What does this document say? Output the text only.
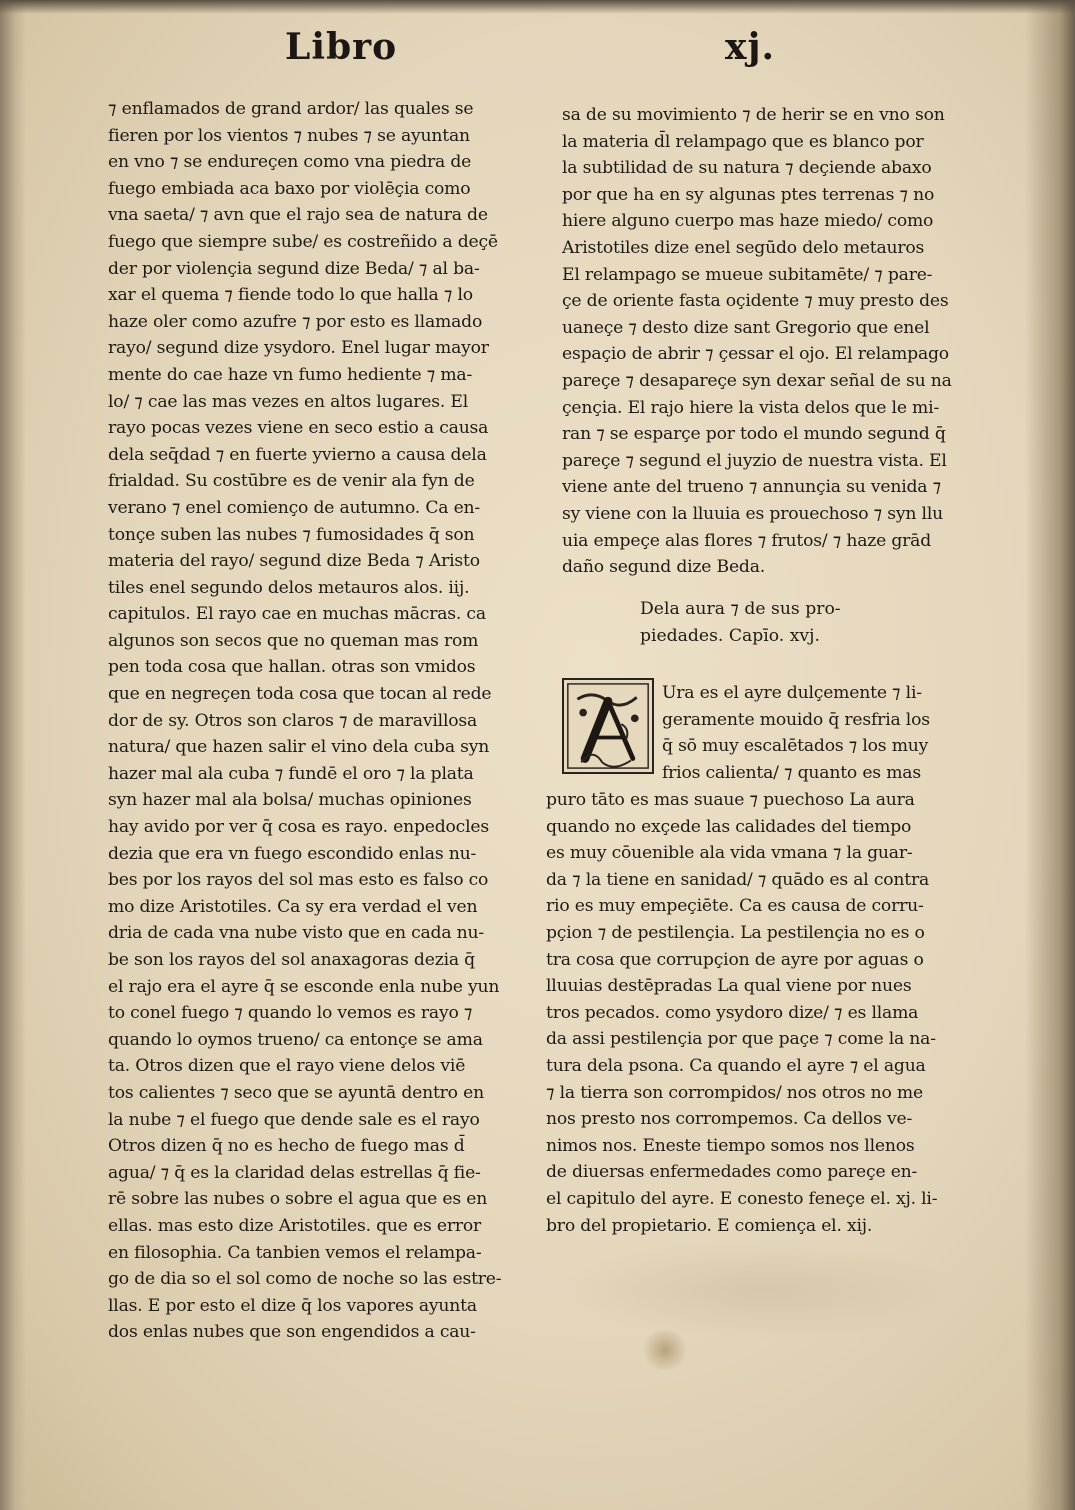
Libro	xj.
⁊ enflamados de grand ardor/ las quales se
fieren por los vientos ⁊ nubes ⁊ se ayuntan
en vno ⁊ se endureçen como vna piedra de
fuego embiada aca baxo por violēçia como
vna saeta/ ⁊ avn que el rajo sea de natura de
fuego que siempre sube/ es costreñido a deçē
der por violençia segund dize Beda/ ⁊ al ba-
xar el quema ⁊ fiende todo lo que halla ⁊ lo
haze oler como azufre ⁊ por esto es llamado
rayo/ segund dize ysydoro. Enel lugar mayor
mente do cae haze vn fumo hediente ⁊ ma-
lo/ ⁊ cae las mas vezes en altos lugares. El
rayo pocas vezes viene en seco estio a causa
dela seq̄dad ⁊ en fuerte yvierno a causa dela
frialdad. Su costūbre es de venir ala fyn de
verano ⁊ enel comienço de autumno. Ca en-
tonçe suben las nubes ⁊ fumosidades q̄ son
materia del rayo/ segund dize Beda ⁊ Aristo
tiles enel segundo delos metauros alos. iij.
capitulos. El rayo cae en muchas mācras. ca
algunos son secos que no queman mas rom
pen toda cosa que hallan. otras son vmidos
que en negreçen toda cosa que tocan al rede
dor de sy. Otros son claros ⁊ de maravillosa
natura/ que hazen salir el vino dela cuba syn
hazer mal ala cuba ⁊ fundē el oro ⁊ la plata
syn hazer mal ala bolsa/ muchas opiniones
hay avido por ver q̄ cosa es rayo. enpedocles
dezia que era vn fuego escondido enlas nu-
bes por los rayos del sol mas esto es falso co
mo dize Aristotiles. Ca sy era verdad el ven
dria de cada vna nube visto que en cada nu-
be son los rayos del sol anaxagoras dezia q̄
el rajo era el ayre q̄ se esconde enla nube yun
to conel fuego ⁊ quando lo vemos es rayo ⁊
quando lo oymos trueno/ ca entonçe se ama
ta. Otros dizen que el rayo viene delos viē
tos calientes ⁊ seco que se ayuntā dentro en
la nube ⁊ el fuego que dende sale es el rayo
Otros dizen q̄ no es hecho de fuego mas d̄
agua/ ⁊ q̄ es la claridad delas estrellas q̄ fie-
rē sobre las nubes o sobre el agua que es en
ellas. mas esto dize Aristotiles. que es error
en filosophia. Ca tanbien vemos el relampa-
go de dia so el sol como de noche so las estre-
llas. E por esto el dize q̄ los vapores ayunta
dos enlas nubes que son engendidos a cau-
sa de su movimiento ⁊ de herir se en vno son
la materia d̄l relampago que es blanco por
la subtilidad de su natura ⁊ deçiende abaxo
por que ha en sy algunas ptes terrenas ⁊ no
hiere alguno cuerpo mas haze miedo/ como
Aristotiles dize enel segūdo delo metauros
El relampago se mueue subitamēte/ ⁊ pare-
çe de oriente fasta oçidente ⁊ muy presto des
uaneçe ⁊ desto dize sant Gregorio que enel
espaçio de abrir ⁊ çessar el ojo. El relampago
pareçe ⁊ desapareçe syn dexar señal de su na
çençia. El rajo hiere la vista delos que le mi-
ran ⁊ se esparçe por todo el mundo segund q̄
pareçe ⁊ segund el juyzio de nuestra vista. El
viene ante del trueno ⁊ annunçia su venida ⁊
sy viene con la lluuia es prouechoso ⁊ syn llu
uia empeçe alas flores ⁊ frutos/ ⁊ haze grād
daño segund dize Beda.
Dela aura ⁊ de sus pro-
piedades. Capīo. xvj.
Ura es el ayre dulçemente ⁊ li-
geramente mouido q̄ resfria los
q̄ sō muy escalētados ⁊ los muy
frios calienta/ ⁊ quanto es mas
puro tāto es mas suaue ⁊ puechoso La aura
quando no exçede las calidades del tiempo
es muy cōuenible ala vida vmana ⁊ la guar-
da ⁊ la tiene en sanidad/ ⁊ quādo es al contra
rio es muy empeçiēte. Ca es causa de corru-
pçion ⁊ de pestilençia. La pestilençia no es o
tra cosa que corrupçion de ayre por aguas o
lluuias destēpradas La qual viene por nues
tros pecados. como ysydoro dize/ ⁊ es llama
da assi pestilençia por que paçe ⁊ come la na-
tura dela psona. Ca quando el ayre ⁊ el agua
⁊ la tierra son corrompidos/ nos otros no me
nos presto nos corrompemos. Ca dellos ve-
nimos nos. Eneste tiempo somos nos llenos
de diuersas enfermedades como pareçe en-
el capitulo del ayre. E conesto feneçe el. xj. li-
bro del propietario. E comiença el. xij.
